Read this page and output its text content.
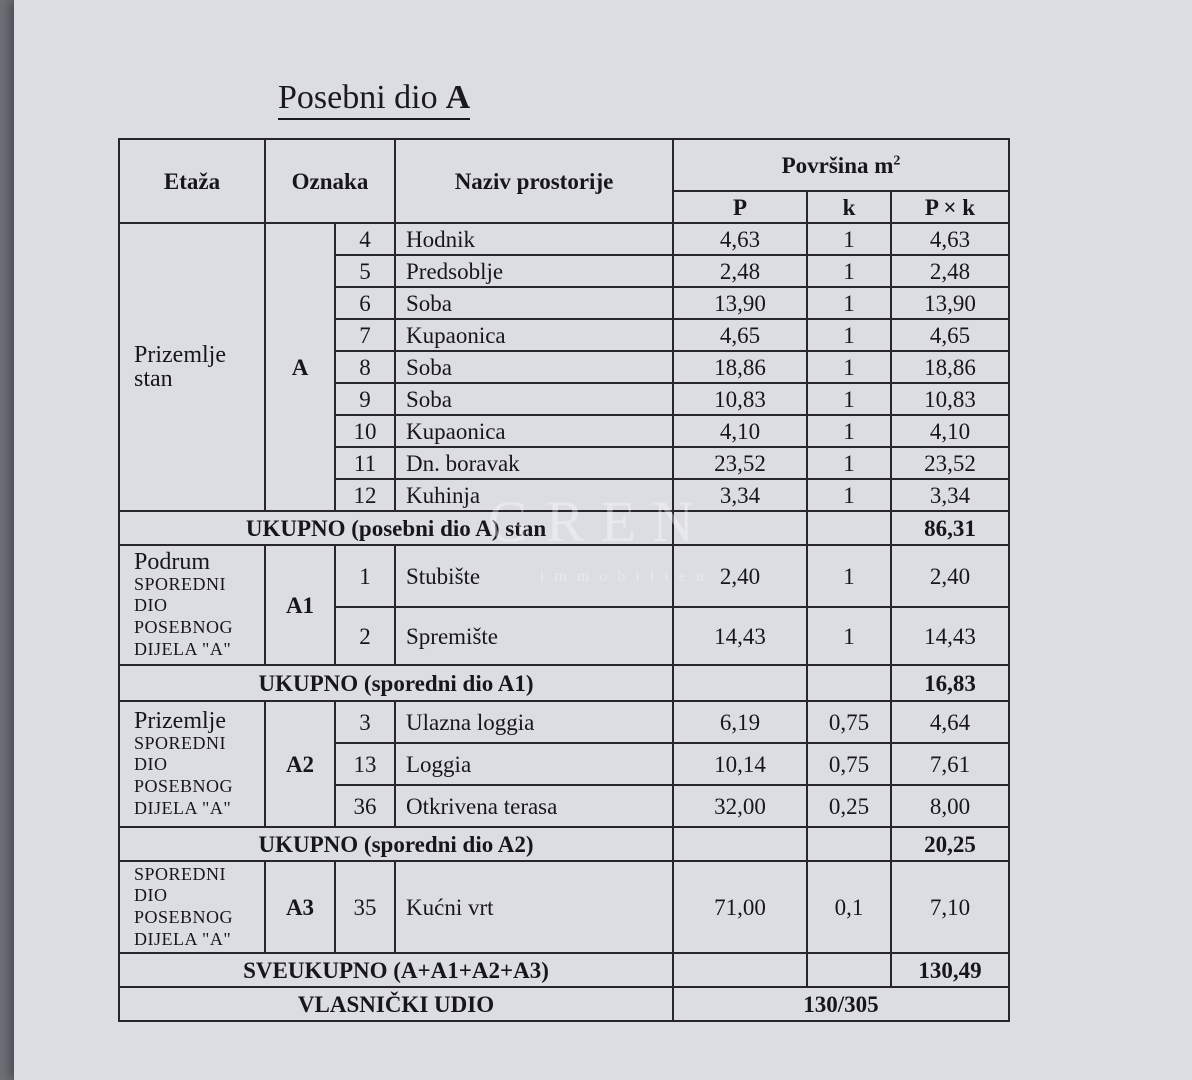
Posebni dio A
Etaža	Oznaka		Naziv prostorije	Površina $m^2$
				P	k	P × k

Prizemlje stan	A	4	Hodnik	4,63	1	4,63
		5	Predsoblje	2,48	1	2,48
		6	Soba	13,90	1	13,90
		7	Kupaonica	4,65	1	4,65
		8	Soba	18,86	1	18,86
		9	Soba	10,83	1	10,83
		10	Kupaonica	4,10	1	4,10
		11	Dn. boravak	23,52	1	23,52
		12	Kuhinja	3,34	1	3,34
UKUPNO (posebni dio A) stan						86,31

Podrum
SPOREDNI
DIO
POSEBNOG
DIJELA "A"	A1	1	Stubište	2,40	1	2,40
		2	Spremište	14,43	1	14,43
UKUPNO (sporedni dio A1)						16,83

Prizemlje
SPOREDNI
DIO
POSEBNOG
DIJELA "A"	A2	3	Ulazna loggia	6,19	0,75	4,64
		13	Loggia	10,14	0,75	7,61
		36	Otkrivena terasa	32,00	0,25	8,00
UKUPNO (sporedni dio A2)						20,25

SPOREDNI
DIO
POSEBNOG
DIJELA "A"	A3	35	Kućni vrt	71,00	0,1	7,10
SVEUKUPNO (A+A1+A2+A3)						130,49
VLASNIČKI UDIO				130/305		
GREN
immobilien
